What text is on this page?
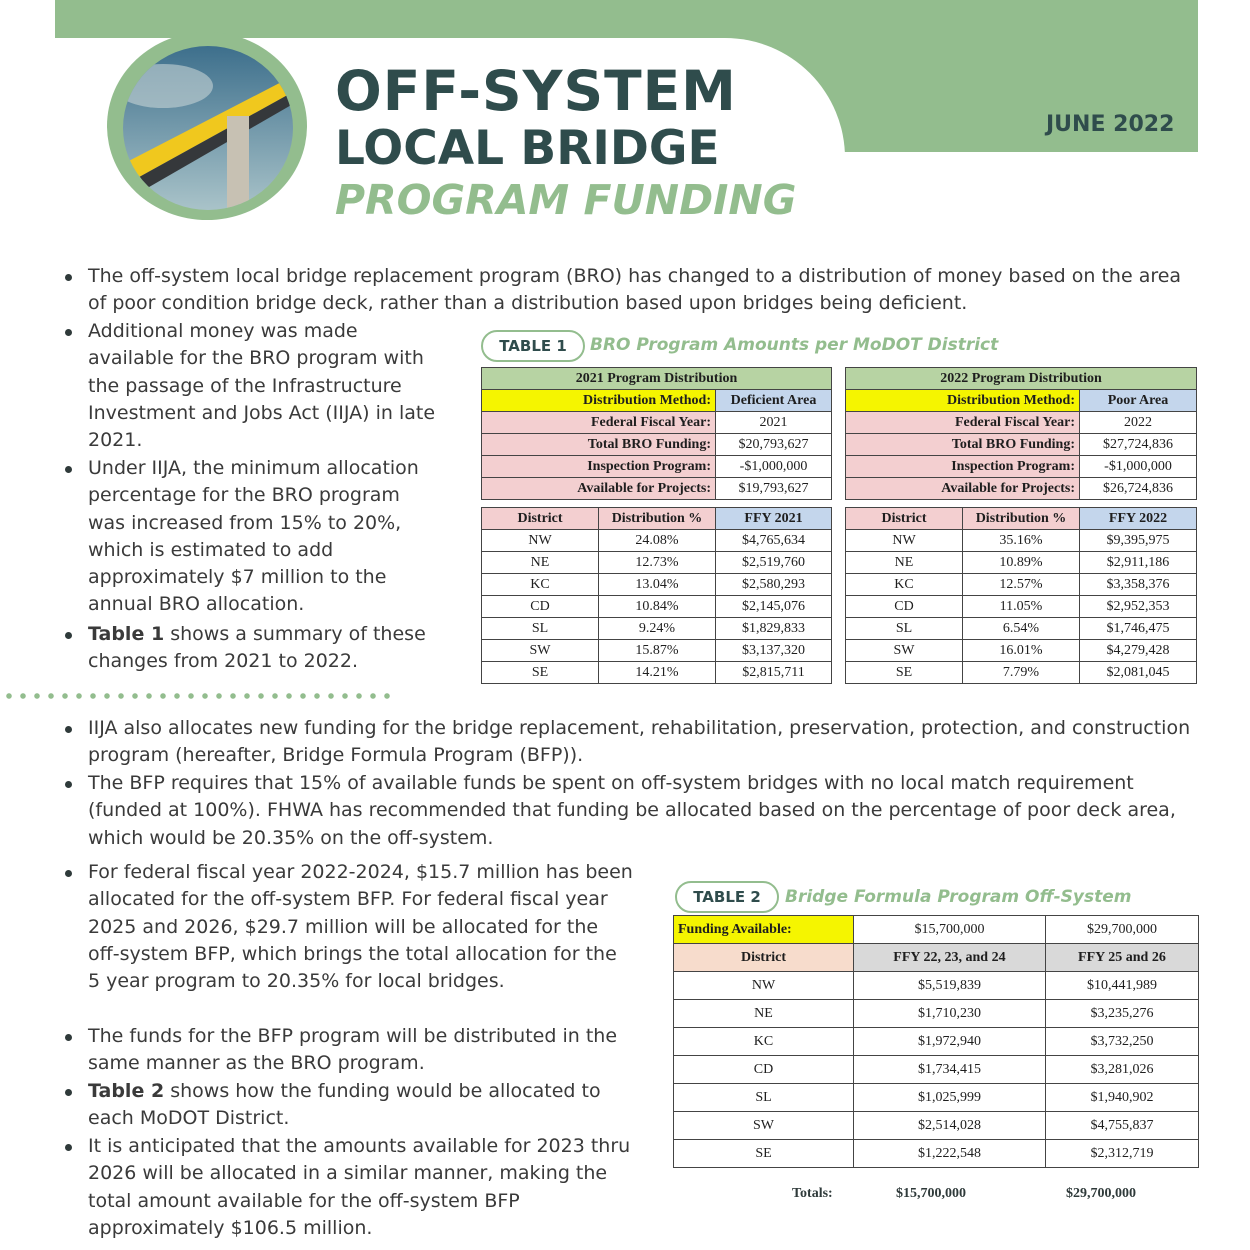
OFF-SYSTEM
LOCAL BRIDGE
PROGRAM FUNDING
JUNE 2022
The off-system local bridge replacement program (BRO) has changed to a distribution of money based on the area of poor condition bridge deck, rather than a distribution based upon bridges being deficient.
Additional money was made available for the BRO program with the passage of the Infrastructure Investment and Jobs Act (IIJA) in late 2021.
Under IIJA, the minimum allocation percentage for the BRO program was increased from 15% to 20%, which is estimated to add approximately $7 million to the annual BRO allocation.
Table 1 shows a summary of these changes from 2021 to 2022.
TABLE 1	BRO Program Amounts per MoDOT District
2021 Program Distribution		
Distribution Method:		Deficient Area
Federal Fiscal Year:		2021
Total BRO Funding:		$20,793,627
Inspection Program:		-$1,000,000
Available for Projects:		$19,793,627

District	Distribution %	FFY 2021
NW	24.08%	$4,765,634
NE	12.73%	$2,519,760
KC	13.04%	$2,580,293
CD	10.84%	$2,145,076
SL	9.24%	$1,829,833
SW	15.87%	$3,137,320
SE	14.21%	$2,815,711
2022 Program Distribution		
Distribution Method:		Poor Area
Federal Fiscal Year:		2022
Total BRO Funding:		$27,724,836
Inspection Program:		-$1,000,000
Available for Projects:		$26,724,836

District	Distribution %	FFY 2022
NW	35.16%	$9,395,975
NE	10.89%	$2,911,186
KC	12.57%	$3,358,376
CD	11.05%	$2,952,353
SL	6.54%	$1,746,475
SW	16.01%	$4,279,428
SE	7.79%	$2,081,045
IIJA also allocates new funding for the bridge replacement, rehabilitation, preservation, protection, and construction program (hereafter, Bridge Formula Program (BFP)).
The BFP requires that 15% of available funds be spent on off-system bridges with no local match requirement (funded at 100%). FHWA has recommended that funding be allocated based on the percentage of poor deck area, which would be 20.35% on the off-system.
For federal fiscal year 2022-2024, $15.7 million has been allocated for the off-system BFP. For federal fiscal year 2025 and 2026, $29.7 million will be allocated for the off-system BFP, which brings the total allocation for the 5 year program to 20.35% for local bridges.
The funds for the BFP program will be distributed in the same manner as the BRO program.
Table 2 shows how the funding would be allocated to each MoDOT District.
It is anticipated that the amounts available for 2023 thru 2026 will be allocated in a similar manner, making the total amount available for the off-system BFP approximately $106.5 million.
TABLE 2	Bridge Formula Program Off-System
Funding Available:	$15,700,000	$29,700,000
District	FFY 22, 23, and 24	FFY 25 and 26
NW	$5,519,839	$10,441,989
NE	$1,710,230	$3,235,276
KC	$1,972,940	$3,732,250
CD	$1,734,415	$3,281,026
SL	$1,025,999	$1,940,902
SW	$2,514,028	$4,755,837
SE	$1,222,548	$2,312,719
Totals:	$15,700,000	$29,700,000
